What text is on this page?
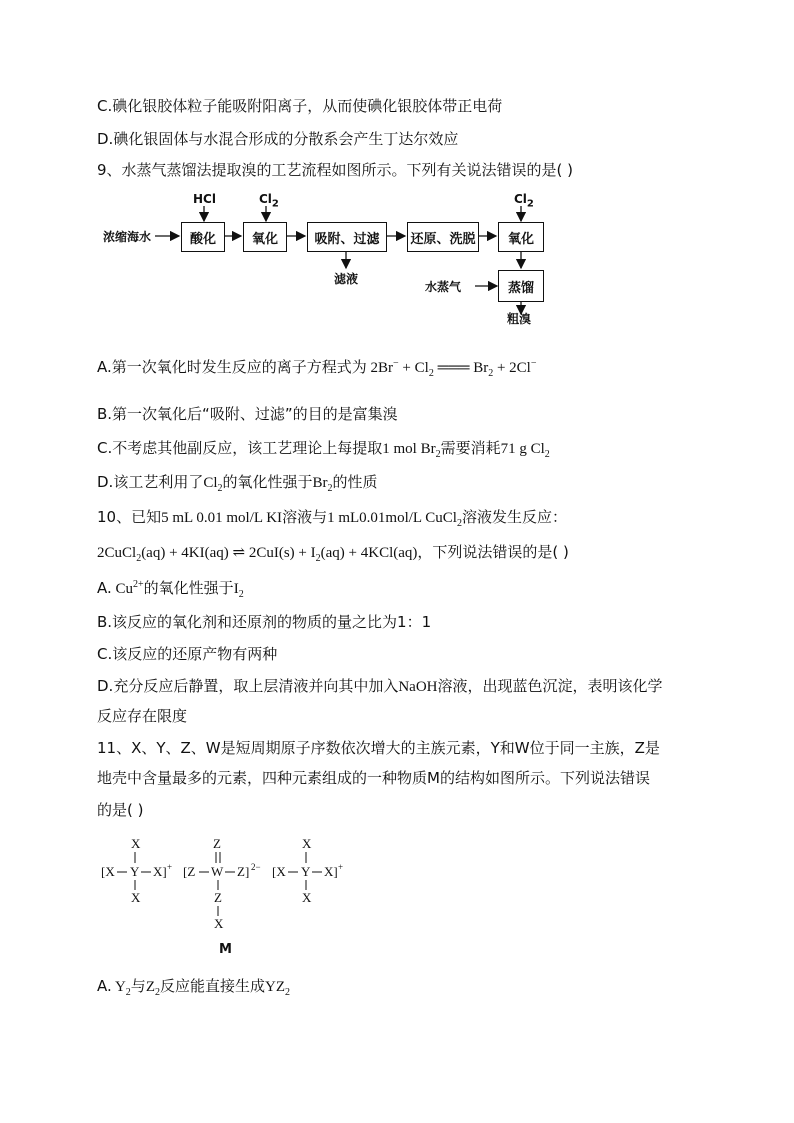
C.碘化银胶体粒子能吸附阳离子，从而使碘化银胶体带正电荷
D.碘化银固体与水混合形成的分散系会产生丁达尔效应
9、水蒸气蒸馏法提取溴的工艺流程如图所示。下列有关说法错误的是( )
浓缩海水
HCl	$Cl_2$	$Cl_2$
酸化	氧化	吸附、过滤	还原、洗脱	氧化
蒸馏
滤液
水蒸气
粗溴
A.第一次氧化时发生反应的离子方程式为 $2Br^- + Cl_2$ ═══ $Br_2 + 2Cl^-$
B.第一次氧化后“吸附、过滤”的目的是富集溴
C.不考虑其他副反应，该工艺理论上每提取1 mol $Br_2$需要消耗71 g $Cl_2$
D.该工艺利用了$Cl_2$的氧化性强于$Br_2$的性质
10、已知5 mL 0.01 mol/L KI溶液与1 mL0.01mol/L CuCl$_2$溶液发生反应：
2CuCl$_2$(aq) + 4KI(aq) ⇌ $2CuI(s) + I_2(aq) + 4KCl(aq)$，下列说法错误的是( )
A. $Cu^{2+}$的氧化性强于$I_2$
B.该反应的氧化剂和还原剂的物质的量之比为1：1
C.该反应的还原产物有两种
D.充分反应后静置，取上层清液并向其中加入NaOH溶液，出现蓝色沉淀，表明该化学
反应存在限度
11、X、Y、Z、W是短周期原子序数依次增大的主族元素，Y和W位于同一主族，Z是
地壳中含量最多的元素，四种元素组成的一种物质M的结构如图所示。下列说法错误
的是( )
X
[X Y X] +
X
Z
[Z W Z] 2−
Z
X
X
[X Y X] +
X
M
A. $Y_2$与$Z_2$反应能直接生成$YZ_2$
